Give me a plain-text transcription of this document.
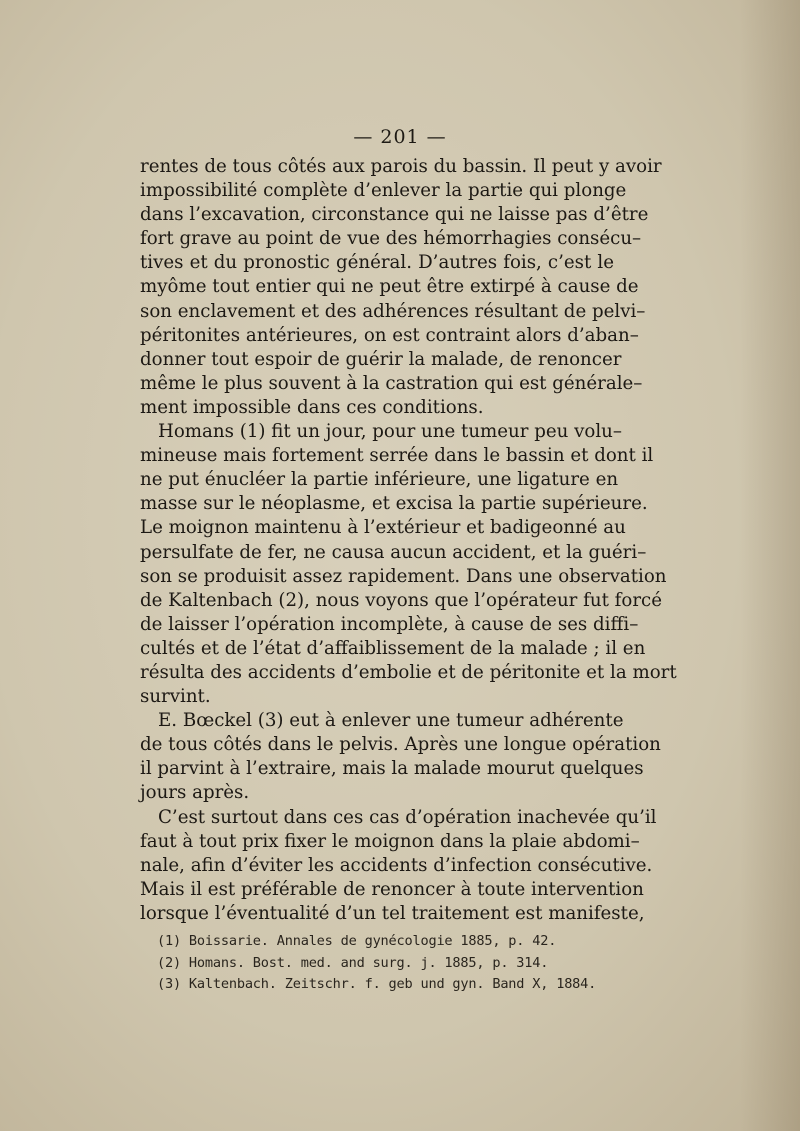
— 201 —
rentes de tous côtés aux parois du bassin. Il peut y avoir
impossibilité complète d’enlever la partie qui plonge
dans l’excavation, circonstance qui ne laisse pas d’être
fort grave au point de vue des hémorrhagies consécu–
tives et du pronostic général. D’autres fois, c’est le
myôme tout entier qui ne peut être extirpé à cause de
son enclavement et des adhérences résultant de pelvi–
péritonites antérieures, on est contraint alors d’aban–
donner tout espoir de guérir la malade, de renoncer
même le plus souvent à la castration qui est générale–
ment impossible dans ces conditions.
Homans (1) fit un jour, pour une tumeur peu volu–
mineuse mais fortement serrée dans le bassin et dont il
ne put énucléer la partie inférieure, une ligature en
masse sur le néoplasme, et excisa la partie supérieure.
Le moignon maintenu à l’extérieur et badigeonné au
persulfate de fer, ne causa aucun accident, et la guéri–
son se produisit assez rapidement. Dans une observation
de Kaltenbach (2), nous voyons que l’opérateur fut forcé
de laisser l’opération incomplète, à cause de ses diffi–
cultés et de l’état d’affaiblissement de la malade ; il en
résulta des accidents d’embolie et de péritonite et la mort
survint.
E. Bœckel (3) eut à enlever une tumeur adhérente
de tous côtés dans le pelvis. Après une longue opération
il parvint à l’extraire, mais la malade mourut quelques
jours après.
C’est surtout dans ces cas d’opération inachevée qu’il
faut à tout prix fixer le moignon dans la plaie abdomi–
nale, afin d’éviter les accidents d’infection consécutive.
Mais il est préférable de renoncer à toute intervention
lorsque l’éventualité d’un tel traitement est manifeste,
(1) Boissarie. Annales de gynécologie 1885, p. 42.
(2) Homans. Bost. med. and surg. j. 1885, p. 314.
(3) Kaltenbach. Zeitschr. f. geb und gyn. Band X, 1884.
